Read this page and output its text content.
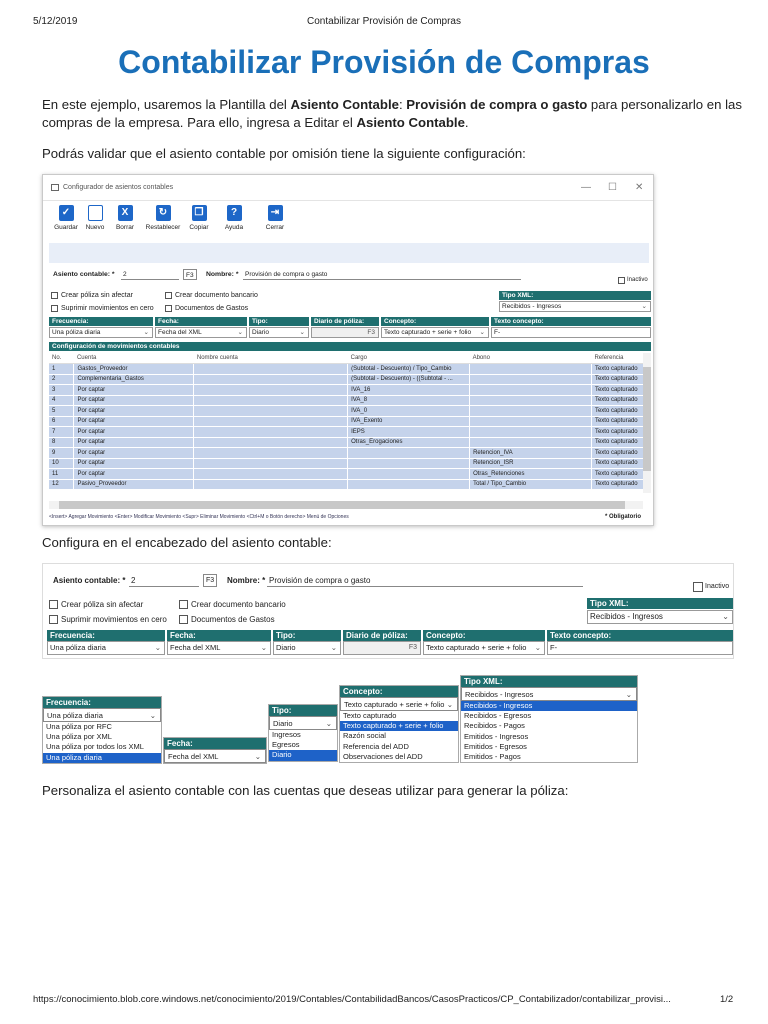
5/12/2019	Contabilizar Provisión de Compras
Contabilizar Provisión de Compras
En este ejemplo, usaremos la Plantilla del Asiento Contable: Provisión de compra o gasto para personalizarlo en las compras de la empresa. Para ello, ingresa a Editar el Asiento Contable.
Podrás validar que el asiento contable por omisión tiene la siguiente configuración:
Configurador de asientos contables	— ☐ ✕
✓
Guardar	Nuevo
X
Borrar
↻
Restablecer
❐
Copiar
?
Ayuda
⇥
Cerrar
Asiento contable: *	2	F3	Nombre: *	Provisión de compra o gasto
Inactivo
Crear póliza sin afectar	Crear documento bancario
Suprimir movimientos en cero	Documentos de Gastos
Tipo XML:
Recibidos - Ingresos	⌄
Frecuencia:
Una póliza diaria	⌄
Fecha:
Fecha del XML	⌄
Tipo:
Diario	⌄
Diario de póliza:
F3
Concepto:
Texto capturado + serie + folio ⌄
Texto concepto:
F-
Configuración de movimientos contables
No.	Cuenta	Nombre cuenta	Cargo	Abono	Referencia
1	Gastos_Proveedor		(Subtotal - Descuento) / Tipo_Cambio		Texto capturado
2	Complementaria_Gastos		(Subtotal - Descuento) - ((Subtotal - ...		Texto capturado
3	Por captar		IVA_16		Texto capturado
4	Por captar		IVA_8		Texto capturado
5	Por captar		IVA_0		Texto capturado
6	Por captar		IVA_Exento		Texto capturado
7	Por captar		IEPS		Texto capturado
8	Por captar		Otras_Erogaciones		Texto capturado
9	Por captar			Retencion_IVA	Texto capturado
10	Por captar			Retencion_ISR	Texto capturado
11	Por captar			Otras_Retenciones	Texto capturado
12	Pasivo_Proveedor			Total / Tipo_Cambio	Texto capturado
<Insert> Agregar Movimiento <Enter> Modificar Movimiento <Supr> Eliminar Movimiento <Ctrl+M o Botón derecho> Menú de Opciones	* Obligatorio
Configura en el encabezado del asiento contable:
Asiento contable: * 2	F3	Nombre: * Provisión de compra o gasto
Inactivo
Crear póliza sin afectar	Crear documento bancario
Suprimir movimientos en cero	Documentos de Gastos
Tipo XML:
Recibidos - Ingresos	⌄
Frecuencia:
Una póliza diaria	⌄
Fecha:
Fecha del XML	⌄
Tipo:
Diario	⌄
Diario de póliza:
F3
Concepto:
Texto capturado + serie + folio ⌄
Texto concepto:
F-
Frecuencia:
Una póliza diaria	⌄
Una póliza por RFC
Una póliza por XML
Una póliza por todos los XML
Una póliza diaria
Fecha:
Fecha del XML	⌄
Tipo:
Diario	⌄
Ingresos
Egresos
Diario
Concepto:
Texto capturado + serie + folio ⌄
Texto capturado
Texto capturado + serie + folio
Razón social
Referencia del ADD
Observaciones del ADD
Tipo XML:
Recibidos - Ingresos	⌄
Recibidos - Ingresos
Recibidos - Egresos
Recibidos - Pagos
Emitidos - Ingresos
Emitidos - Egresos
Emitidos - Pagos
Personaliza el asiento contable con las cuentas que deseas utilizar para generar la póliza:
https://conocimiento.blob.core.windows.net/conocimiento/2019/Contables/ContabilidadBancos/CasosPracticos/CP_Contabilizador/contabilizar_provisi...	1/2
